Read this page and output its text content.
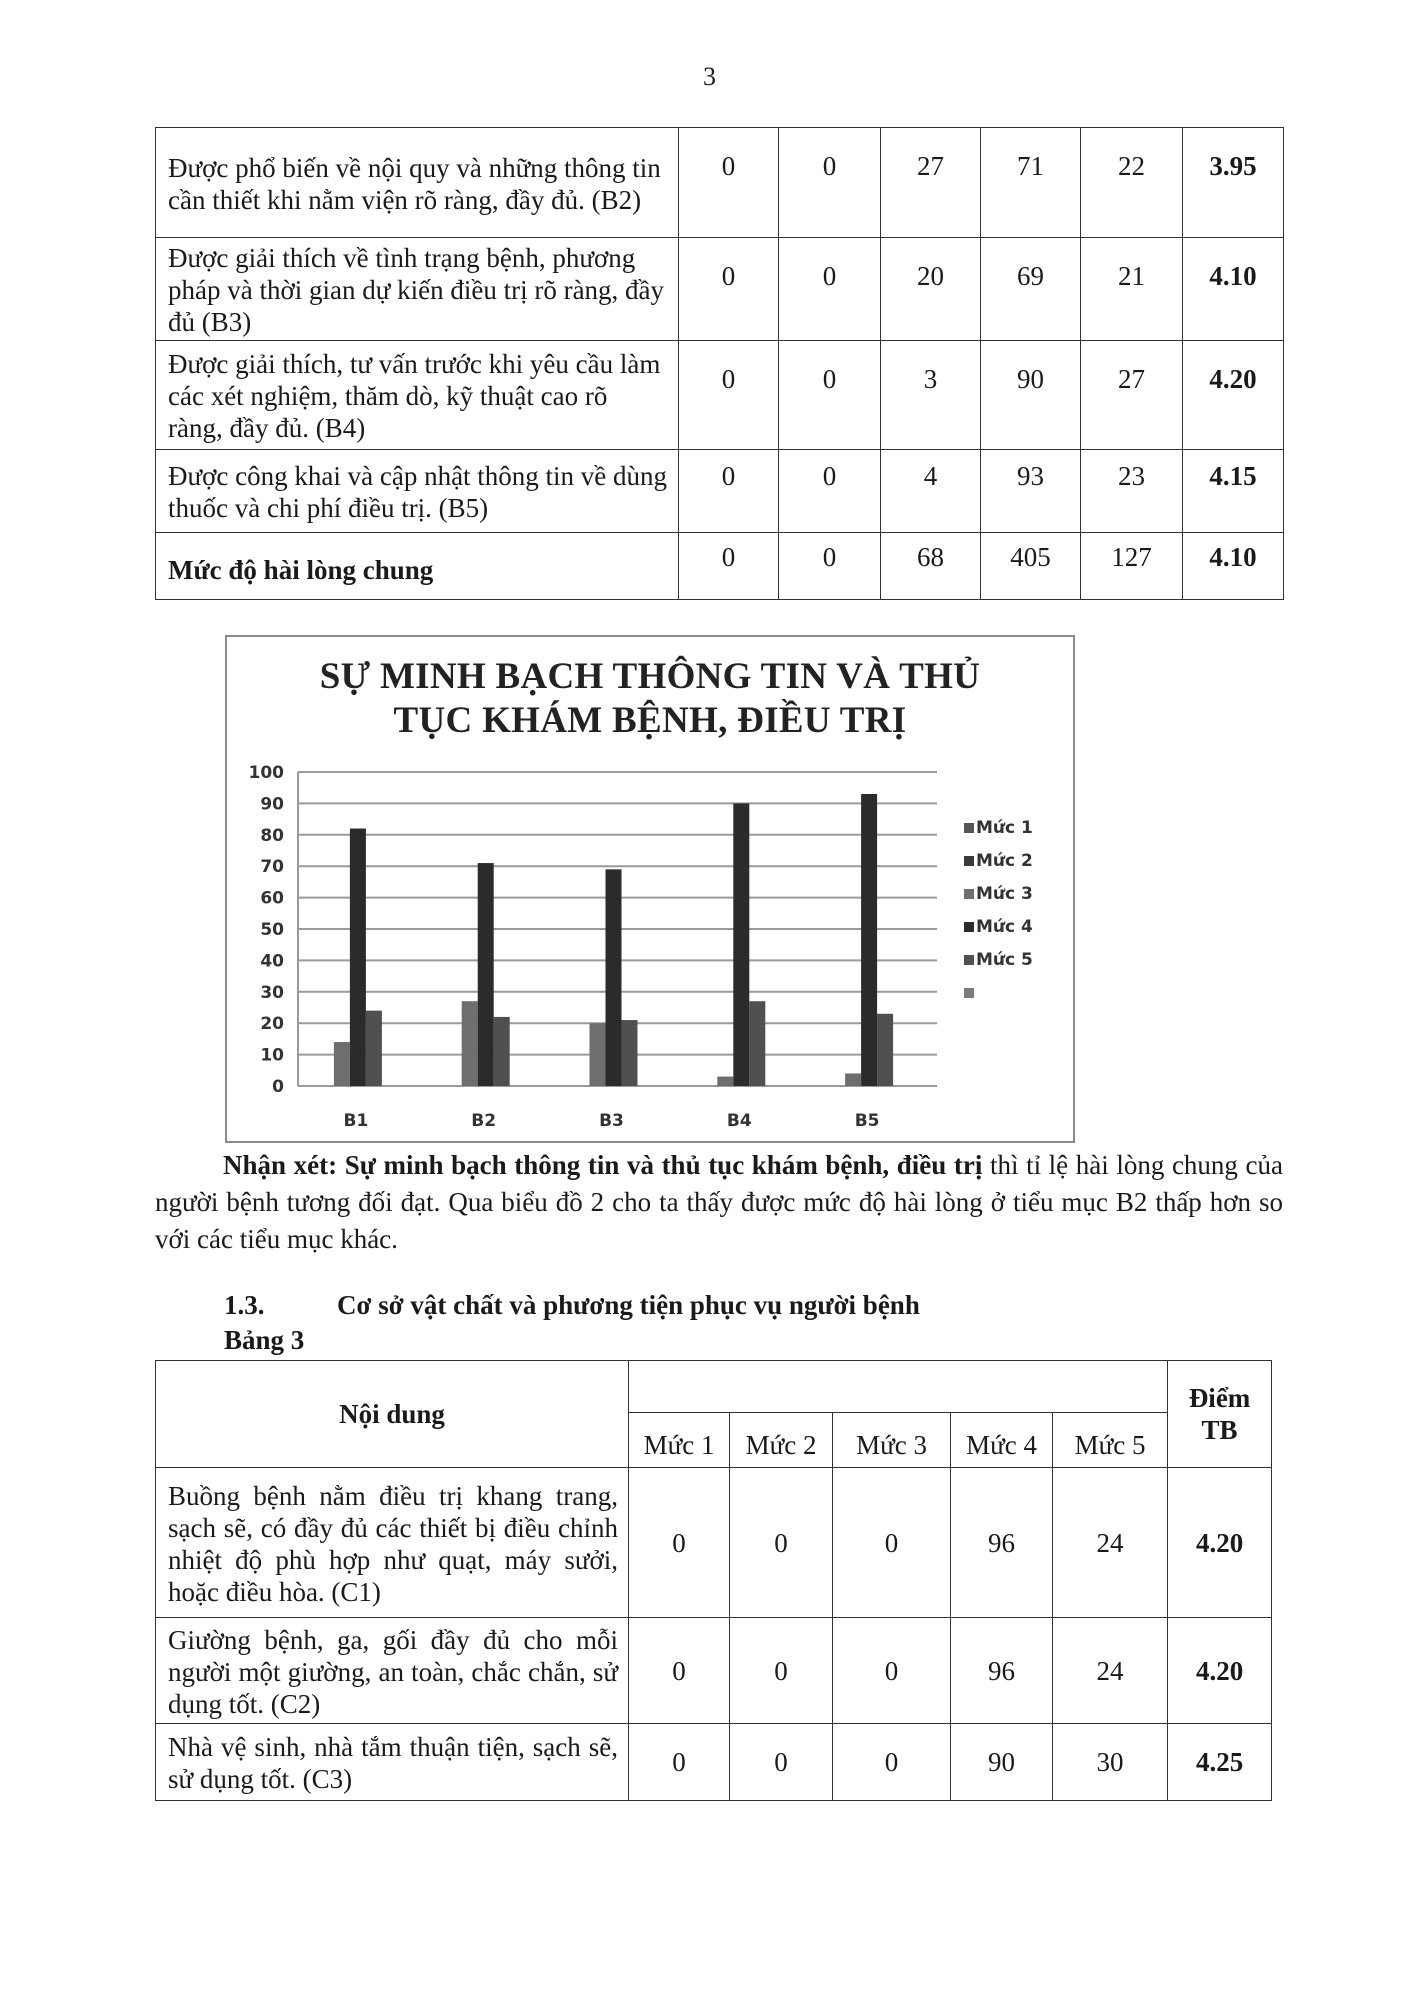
3
Được phổ biến về nội quy và những thông tin cần thiết khi nằm viện rõ ràng, đầy đủ. (B2)	0	0	27	71	22	3.95
Được giải thích về tình trạng bệnh, phương pháp và thời gian dự kiến điều trị rõ ràng, đầy đủ (B3)	0	0	20	69	21	4.10
Được giải thích, tư vấn trước khi yêu cầu làm các xét nghiệm, thăm dò, kỹ thuật cao rõ ràng, đầy đủ. (B4)	0	0	3	90	27	4.20
Được công khai và cập nhật thông tin về dùng thuốc và chi phí điều trị. (B5)	0	0	4	93	23	4.15
Mức độ hài lòng chung	0	0	68	405	127	4.10
SỰ MINH BẠCH THÔNG TIN VÀ THỦ
TỤC KHÁM BỆNH, ĐIỀU TRỊ
0
10
20
30
40
50
60
70
80
90
100
B1	B2	B3	B4	B5
Mức 1
Mức 2
Mức 3
Mức 4
Mức 5
Nhận xét: Sự minh bạch thông tin và thủ tục khám bệnh, điều trị thì tỉ lệ hài lòng chung của người bệnh tương đối đạt. Qua biểu đồ 2 cho ta thấy được mức độ hài lòng ở tiểu mục B2 thấp hơn so với các tiểu mục khác.
1.3.	Cơ sở vật chất và phương tiện phục vụ người bệnh
Bảng 3
Nội dung						Điểm TB
	Mức 1	Mức 2	Mức 3	Mức 4	Mức 5	
Buồng bệnh nằm điều trị khang trang, sạch sẽ, có đầy đủ các thiết bị điều chỉnh nhiệt độ phù hợp như quạt, máy sưởi, hoặc điều hòa. (C1)	0	0	0	96	24	4.20
Giường bệnh, ga, gối đầy đủ cho mỗi người một giường, an toàn, chắc chắn, sử dụng tốt. (C2)	0	0	0	96	24	4.20
Nhà vệ sinh, nhà tắm thuận tiện, sạch sẽ, sử dụng tốt. (C3)	0	0	0	90	30	4.25
